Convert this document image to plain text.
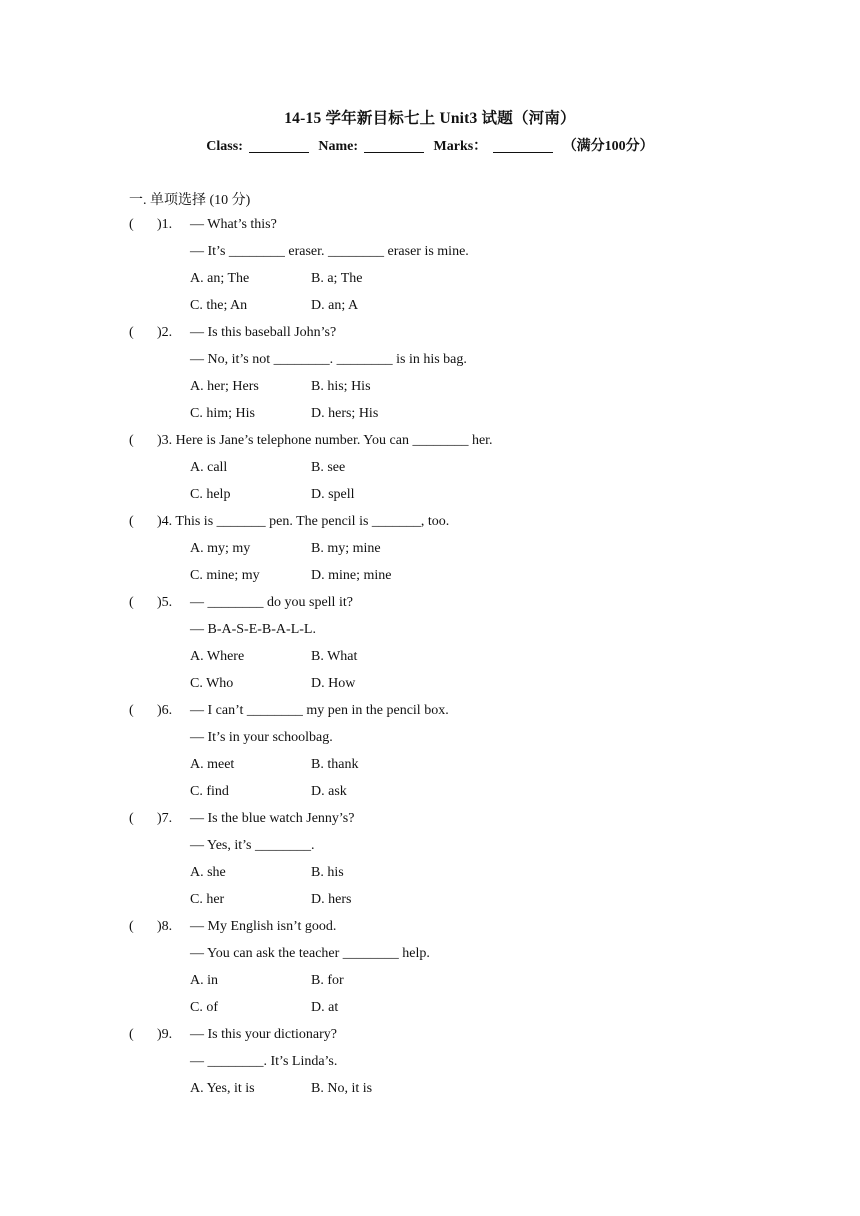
14-15 学年新目标七上 Unit3 试题（河南）
Class:	Name:	Marks：	（满分100分）
一. 单项选择 (10 分)
( )1. — What’s this?
— It’s ________ eraser. ________ eraser is mine.
A. an; The	B. a; The
C. the; An	D. an; A
( )2. — Is this baseball John’s?
— No, it’s not ________. ________ is in his bag.
A. her; Hers	B. his; His
C. him; His	D. hers; His
( )3. Here is Jane’s telephone number. You can ________ her.
A. call	B. see
C. help	D. spell
( )4. This is _______ pen. The pencil is _______, too.
A. my; my	B. my; mine
C. mine; my	D. mine; mine
( )5. — ________ do you spell it?
— B-A-S-E-B-A-L-L.
A. Where	B. What
C. Who	D. How
( )6. — I can’t ________ my pen in the pencil box.
— It’s in your schoolbag.
A. meet	B. thank
C. find	D. ask
( )7. — Is the blue watch Jenny’s?
— Yes, it’s ________.
A. she	B. his
C. her	D. hers
( )8. — My English isn’t good.
— You can ask the teacher ________ help.
A. in	B. for
C. of	D. at
( )9. — Is this your dictionary?
— ________. It’s Linda’s.
A. Yes, it is	B. No, it is
